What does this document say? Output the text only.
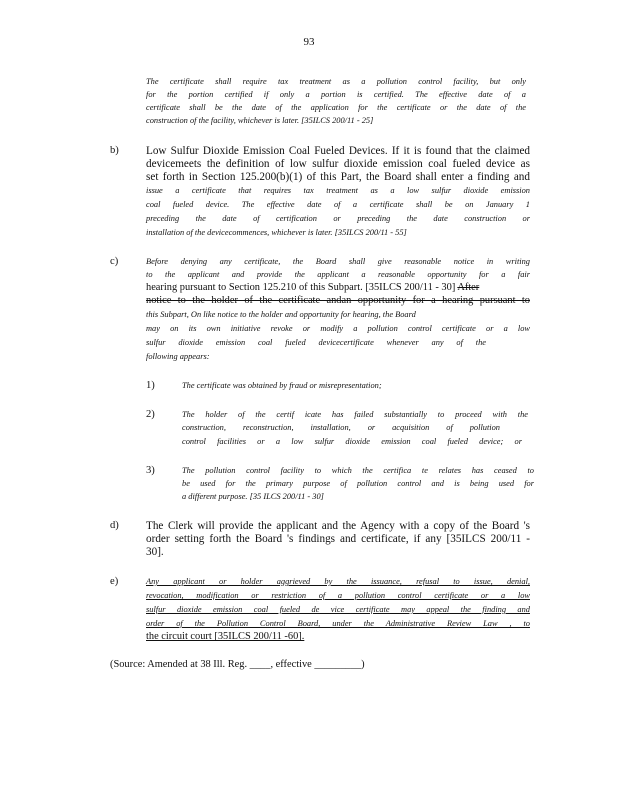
93
The certificate shall require tax treatment as a pollution control facility, but only
for the portion certified if only a portion is certified. The effective date of a
certificate shall be the date of the application for the certificate or the date of the
construction of the facility, whichever is later. [35ILCS 200/11 - 25]
b) Low Sulfur Dioxide Emission Coal Fueled Devices. If it is found that the claimed
devicemeets the definition of low sulfur dioxide emission coal fueled device as
set forth in Section 125.200(b)(1) of this Part, the Board shall enter a finding and
issue a certificate that requires tax treatment as a low sulfur dioxide emission
coal fueled device. The effective date of a certificate shall be on January 1
preceding the date of certification or preceding the date construction or
installation of the devicecommences, whichever is later. [35ILCS 200/11 - 55]
c)	Before denying any certificate, the Board shall give reasonable notice in writing
to the applicant and provide the applicant a reasonable opportunity for a fair
hearing pursuant to Section 125.210 of this Subpart. [35ILCS 200/11 - 30] After
notice to the holder of the certificate andan opportunity for a hearing pursuant to
this Subpart, On like notice to the holder and opportunity for hearing, the Board
may on its own initiative revoke or modify a pollution control certificate or a low
sulfur dioxide emission coal fueled devicecertificate whenever any of the
following appears:
1)	The certificate was obtained by fraud or misrepresentation;
2)	The holder of the certif icate has failed substantially to proceed with the
construction, reconstruction, installation, or acquisition of pollution
control facilities or a low sulfur dioxide emission coal fueled device; or
3)	The pollution control facility to which the certifica te relates has ceased to
be used for the primary purpose of pollution control and is being used for
a different purpose. [35 ILCS 200/11 - 30]
d) The Clerk will provide the applicant and the Agency with a copy of the Board 's
order setting forth the Board 's findings and certificate, if any [35ILCS 200/11 -
30].
e)	Any applicant or holder aggrieved by the issuance, refusal to issue, denial,
revocation, modification or restriction of a pollution control certificate or a low
sulfur dioxide emission coal fueled de vice certificate may appeal the finding and
order of the Pollution Control Board, under the Administrative Review Law , to
the circuit court [35ILCS 200/11 -60].
(Source: Amended at 38 Ill. Reg. ____, effective _________)
